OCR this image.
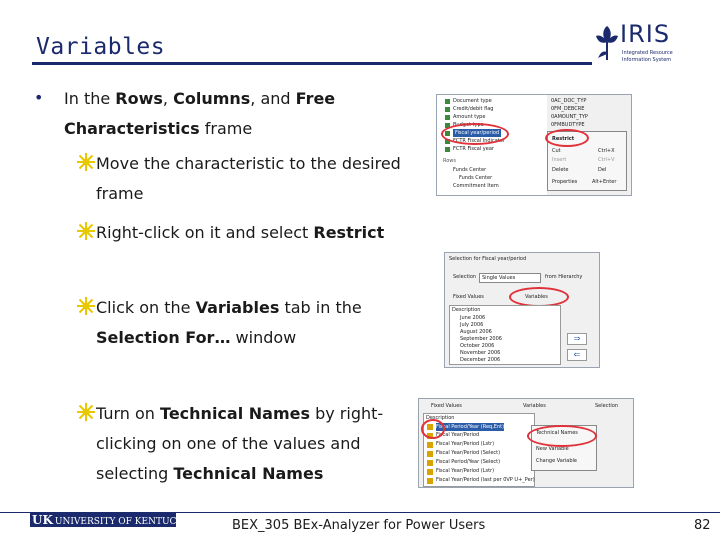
Variables	IRIS
Integrated Resource
Information System
• In the Rows, Columns, and Free
Characteristics frame
Move the characteristic to the desired
frame
Right-click on it and select Restrict
Click on the Variables tab in the
Selection For… window
Turn on Technical Names by right-
clicking on one of the values and
selecting Technical Names
Document type
Credit/debit flag
Amount type
Budget type
Fiscal year/period
FCTR Fiscal Indicator
FCTR Fiscal year
Rows
Funds Center
Funds Center
Commitment Item
0AC_DOC_TYP
0FM_DEBCRE
0AMOUNT_TYP
0FMBUDTYPE
Restrict
Cut	Ctrl+X
Insert	Ctrl+V
Delete	Del
Properties	Alt+Enter
Selection for Fiscal year/period
Selection	Single Values	from Hierarchy
Fixed Values	Variables
Description
June 2006
July 2006
August 2006
September 2006
October 2006
November 2006
December 2006
⇒
⇐
Fixed Values	Variables	Selection
Description
Fiscal Period/Year (Req,Ent)
Fiscal Year/Period
Fiscal Year/Period (Lstr)
Fiscal Year/Period (Select)
Fiscal Period/Year (Select)
Fiscal Year/Period (Lstr)
Fiscal Year/Period (last per 0VP U+_Per)
Technical Names
New Variable
Change Variable
UK UNIVERSITY OF KENTUCKY	BEX_305 BEx-Analyzer for Power Users	82
